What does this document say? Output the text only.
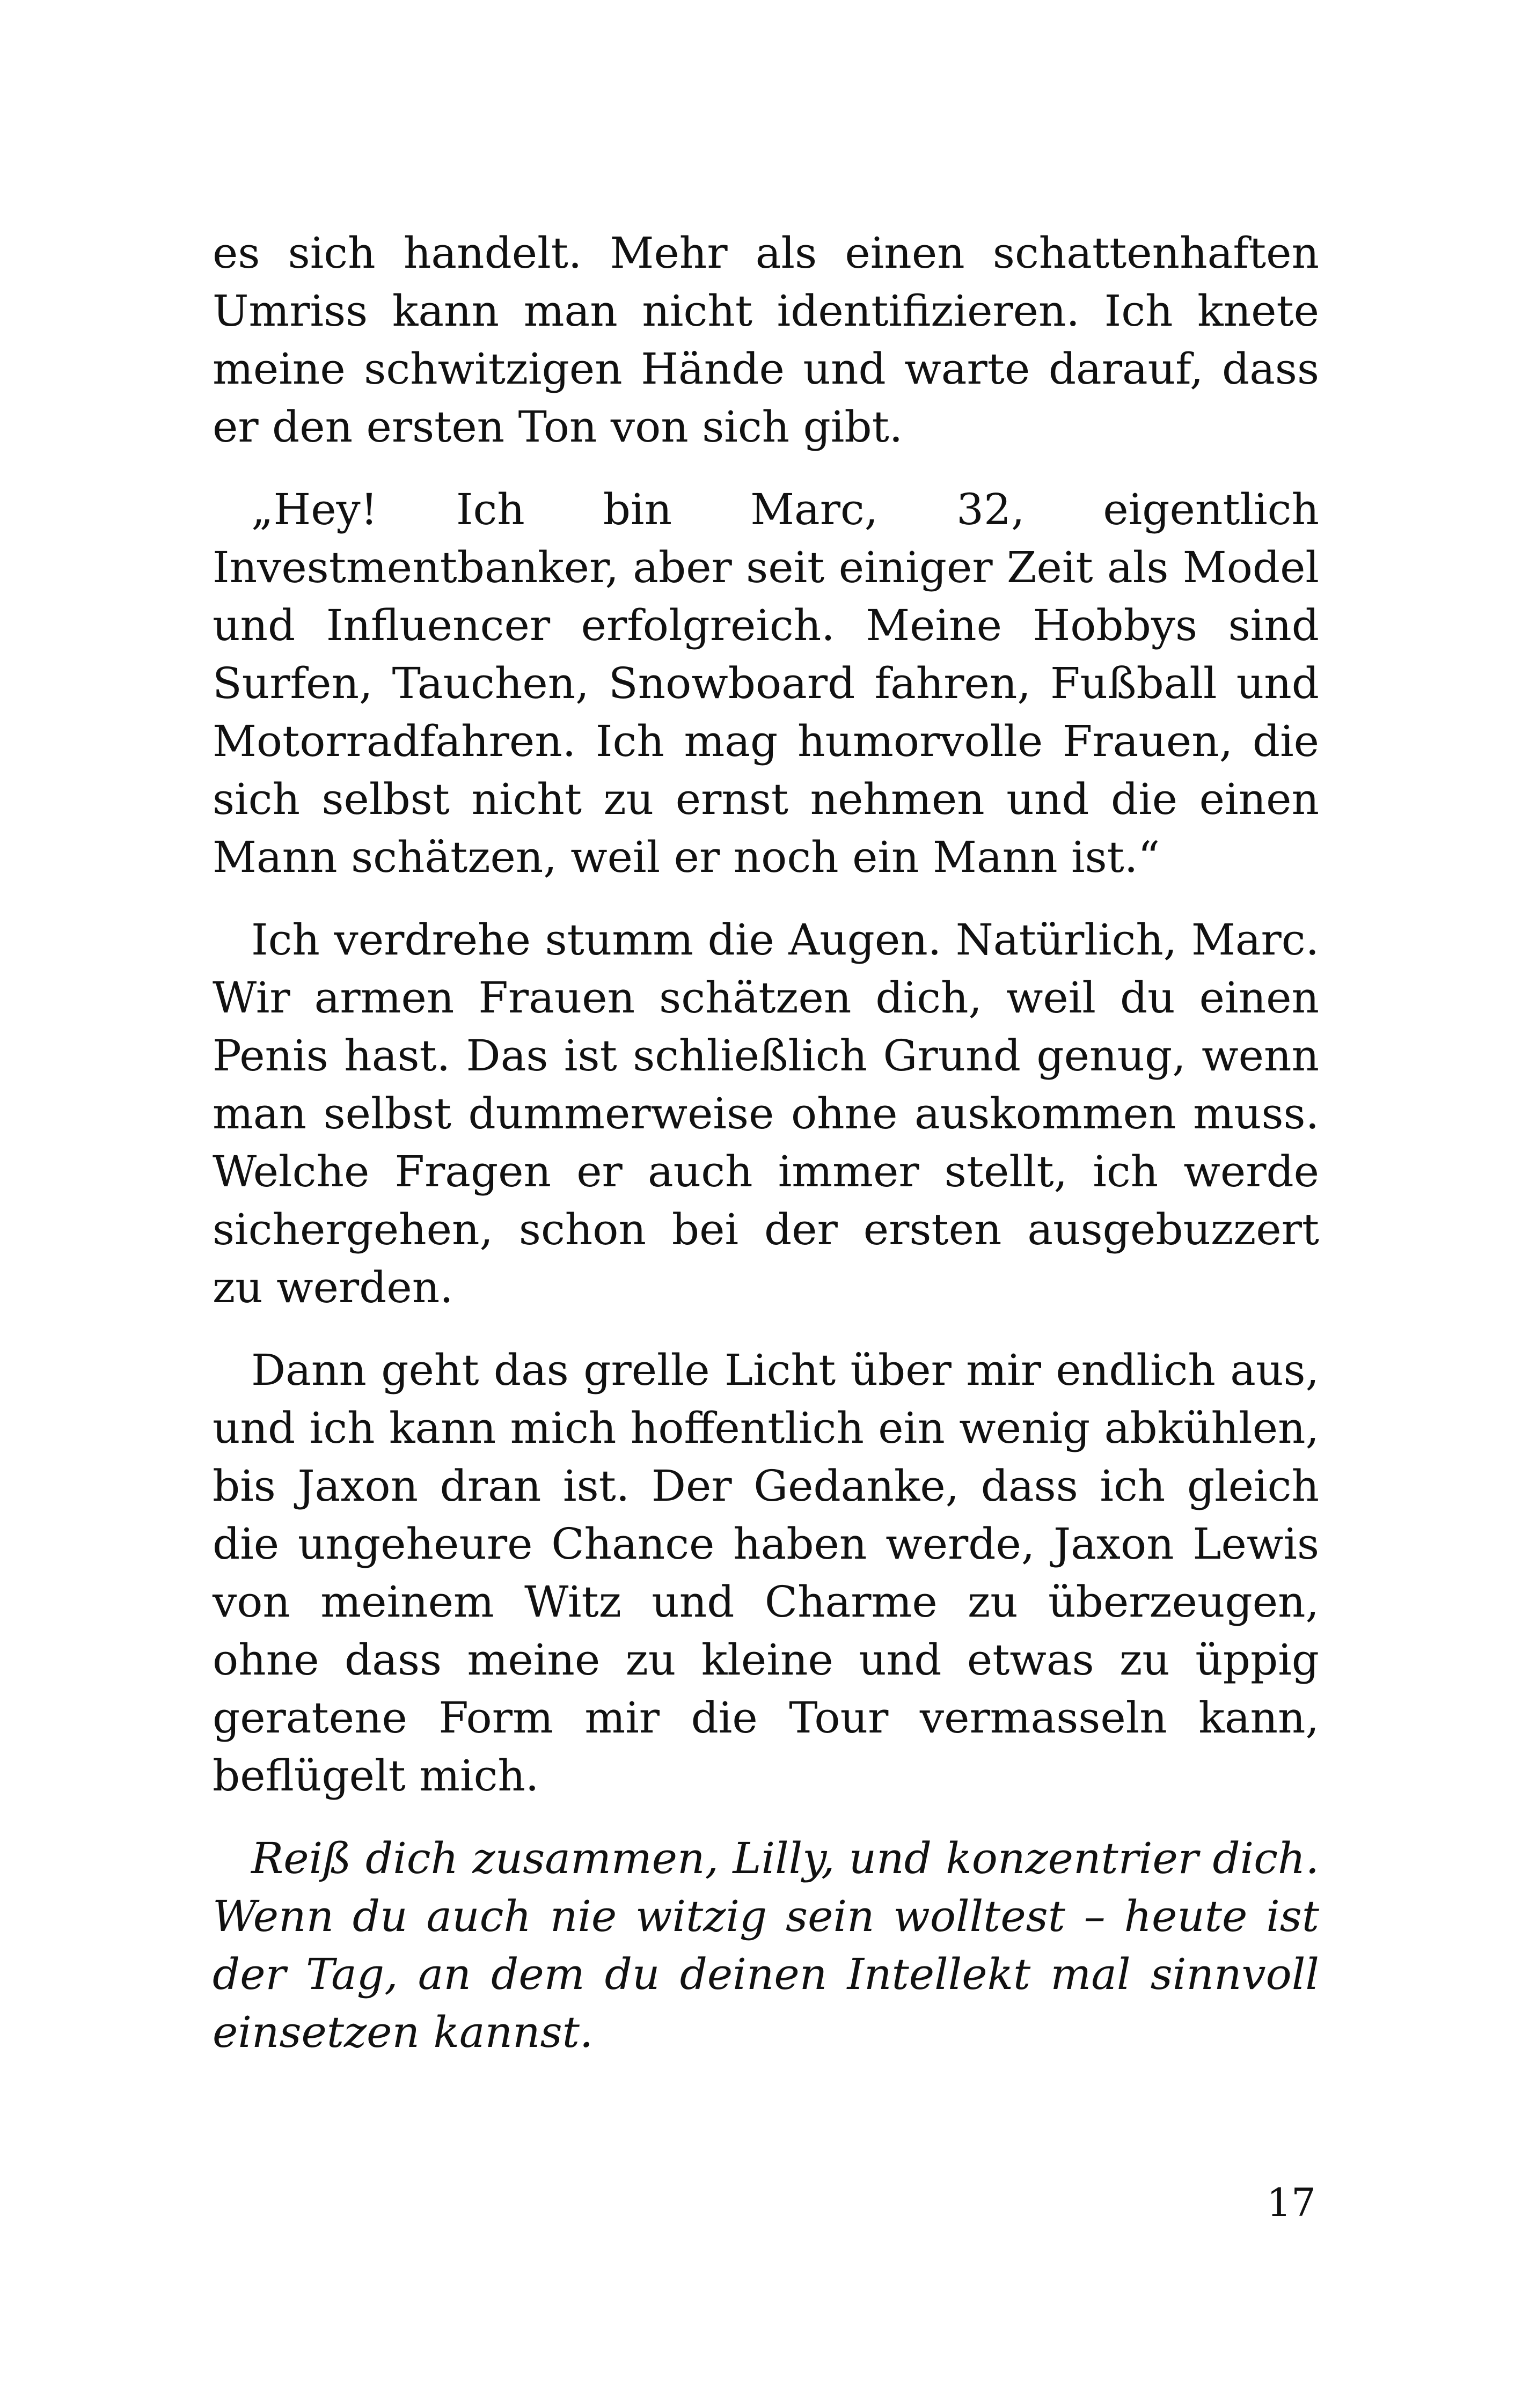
es sich handelt. Mehr als einen schattenhaften Umriss kann man nicht identifizieren. Ich knete meine schwitzigen Hände und warte darauf, dass er den ersten Ton von sich gibt.

„Hey! Ich bin Marc, 32, eigentlich Investmentbanker, aber seit einiger Zeit als Model und Influencer erfolgreich. Meine Hobbys sind Surfen, Tauchen, Snowboard fahren, Fußball und Motorradfahren. Ich mag humorvolle Frauen, die sich selbst nicht zu ernst nehmen und die einen Mann schätzen, weil er noch ein Mann ist.“

Ich verdrehe stumm die Augen. Natürlich, Marc. Wir armen Frauen schätzen dich, weil du einen Penis hast. Das ist schließlich Grund genug, wenn man selbst dummerweise ohne auskommen muss. Welche Fragen er auch immer stellt, ich werde sichergehen, schon bei der ersten ausgebuzzert zu werden.

Dann geht das grelle Licht über mir endlich aus, und ich kann mich hoffentlich ein wenig abkühlen, bis Jaxon dran ist. Der Gedanke, dass ich gleich die ungeheure Chance haben werde, Jaxon Lewis von meinem Witz und Charme zu überzeugen, ohne dass meine zu kleine und etwas zu üppig geratene Form mir die Tour vermasseln kann, beflügelt mich.

Reiß dich zusammen, Lilly, und konzentrier dich. Wenn du auch nie witzig sein wolltest – heute ist der Tag, an dem du deinen Intellekt mal sinnvoll einsetzen kannst.

17
